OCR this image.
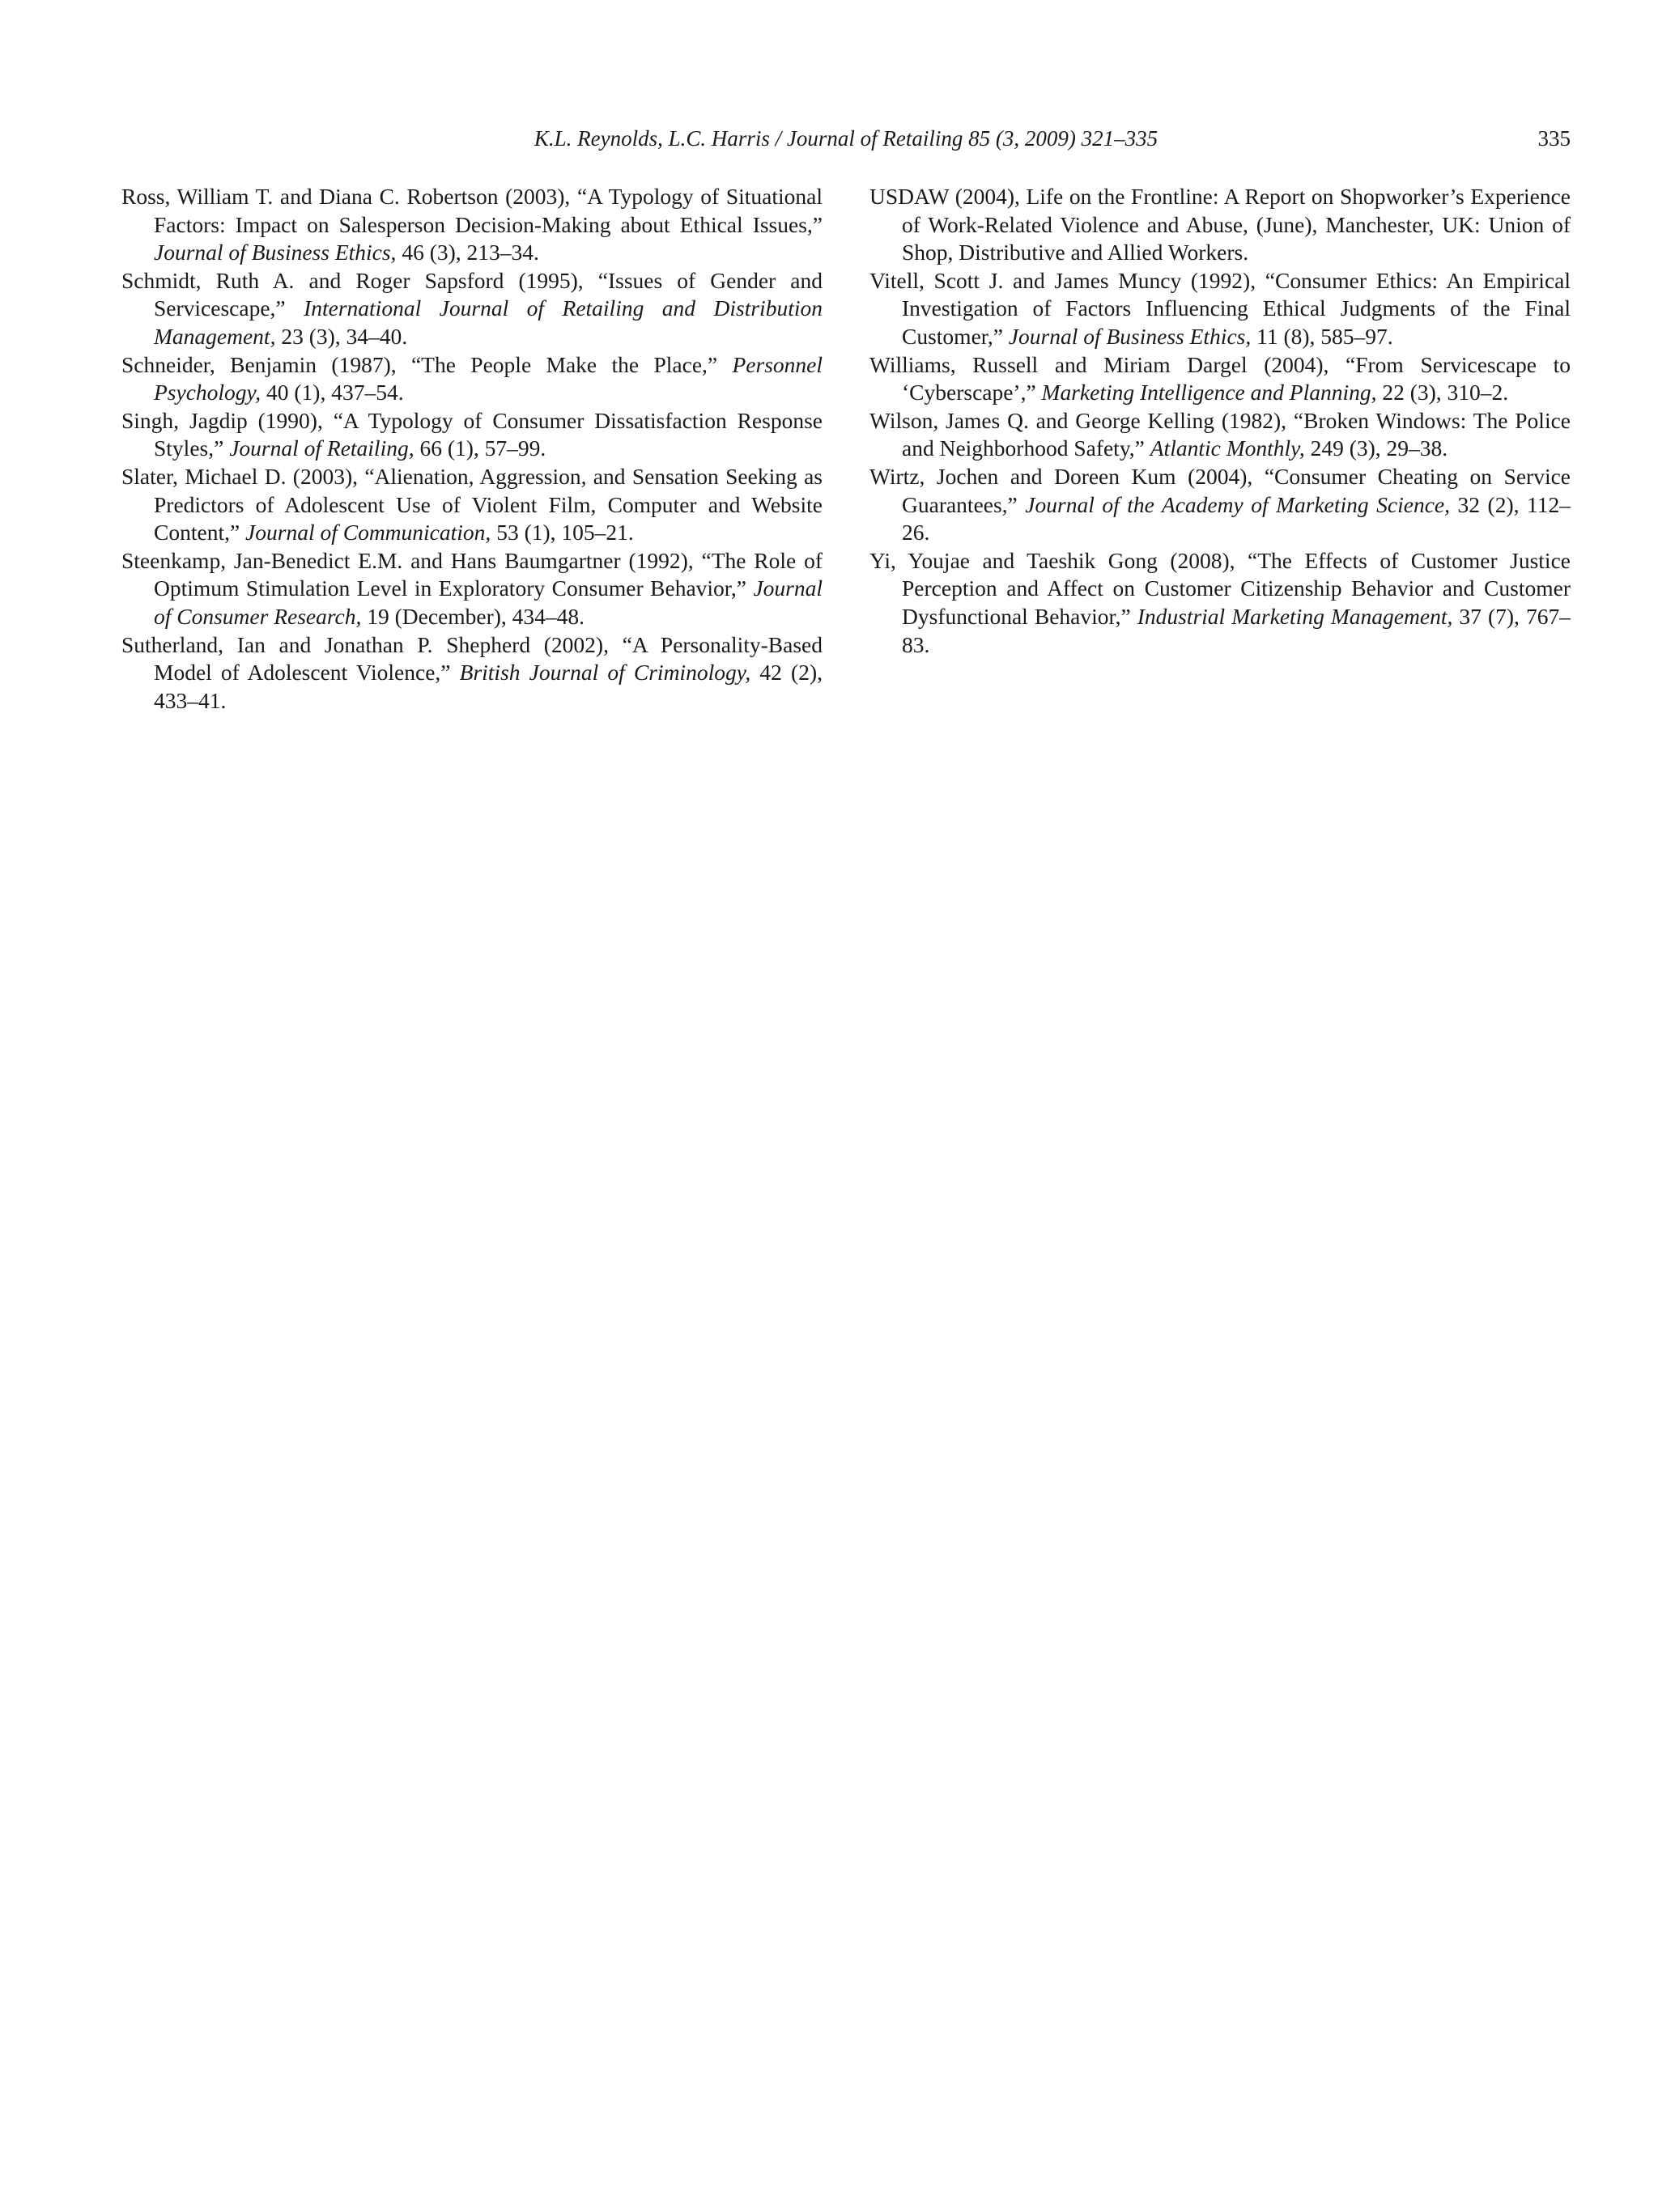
K.L. Reynolds, L.C. Harris / Journal of Retailing 85 (3, 2009) 321–335	335

Ross, William T. and Diana C. Robertson (2003), “A Typology of Situational Factors: Impact on Salesperson Decision-Making about Ethical Issues,” Journal of Business Ethics, 46 (3), 213–34.

Schmidt, Ruth A. and Roger Sapsford (1995), “Issues of Gender and Servicescape,” International Journal of Retailing and Distribution Management, 23 (3), 34–40.

Schneider, Benjamin (1987), “The People Make the Place,” Personnel Psychology, 40 (1), 437–54.

Singh, Jagdip (1990), “A Typology of Consumer Dissatisfaction Response Styles,” Journal of Retailing, 66 (1), 57–99.

Slater, Michael D. (2003), “Alienation, Aggression, and Sensation Seeking as Predictors of Adolescent Use of Violent Film, Computer and Website Content,” Journal of Communication, 53 (1), 105–21.

Steenkamp, Jan-Benedict E.M. and Hans Baumgartner (1992), “The Role of Optimum Stimulation Level in Exploratory Consumer Behavior,” Journal of Consumer Research, 19 (December), 434–48.

Sutherland, Ian and Jonathan P. Shepherd (2002), “A Personality-Based Model of Adolescent Violence,” British Journal of Criminology, 42 (2), 433–41.

USDAW (2004), Life on the Frontline: A Report on Shopworker’s Experience of Work-Related Violence and Abuse, (June), Manchester, UK: Union of Shop, Distributive and Allied Workers.

Vitell, Scott J. and James Muncy (1992), “Consumer Ethics: An Empirical Investigation of Factors Influencing Ethical Judgments of the Final Customer,” Journal of Business Ethics, 11 (8), 585–97.

Williams, Russell and Miriam Dargel (2004), “From Servicescape to ‘Cyberscape’,” Marketing Intelligence and Planning, 22 (3), 310–2.

Wilson, James Q. and George Kelling (1982), “Broken Windows: The Police and Neighborhood Safety,” Atlantic Monthly, 249 (3), 29–38.

Wirtz, Jochen and Doreen Kum (2004), “Consumer Cheating on Service Guarantees,” Journal of the Academy of Marketing Science, 32 (2), 112–26.

Yi, Youjae and Taeshik Gong (2008), “The Effects of Customer Justice Perception and Affect on Customer Citizenship Behavior and Customer Dysfunctional Behavior,” Industrial Marketing Management, 37 (7), 767–83.
